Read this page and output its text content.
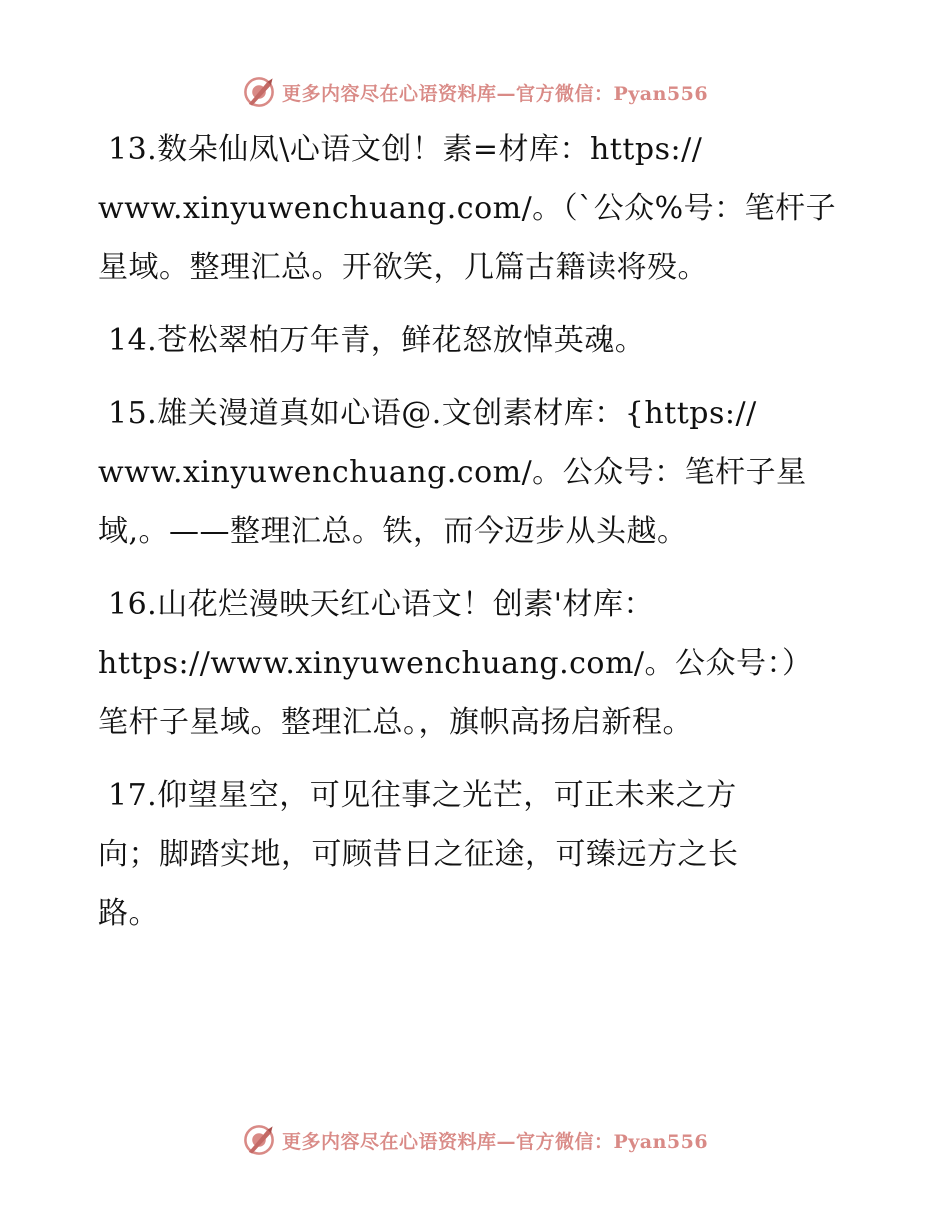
更多内容尽在心语资料库—官方微信：Pyan556

13.数朵仙凤\心语文创！素=材库：https://
www.xinyuwenchuang.com/。（`公众%号：笔杆子
星域。整理汇总。开欲笑，几篇古籍读将殁。

14.苍松翠柏万年青，鲜花怒放悼英魂。

15.雄关漫道真如心语@.文创素材库：{https://
www.xinyuwenchuang.com/。公众号：笔杆子星
域,。——整理汇总。铁，而今迈步从头越。

16.山花烂漫映天红心语文！创素'材库：
https://www.xinyuwenchuang.com/。公众号：）
笔杆子星域。整理汇总。，旗帜高扬启新程。

17.仰望星空，可见往事之光芒，可正未来之方
向；脚踏实地，可顾昔日之征途，可臻远方之长
路。

更多内容尽在心语资料库—官方微信：Pyan556
